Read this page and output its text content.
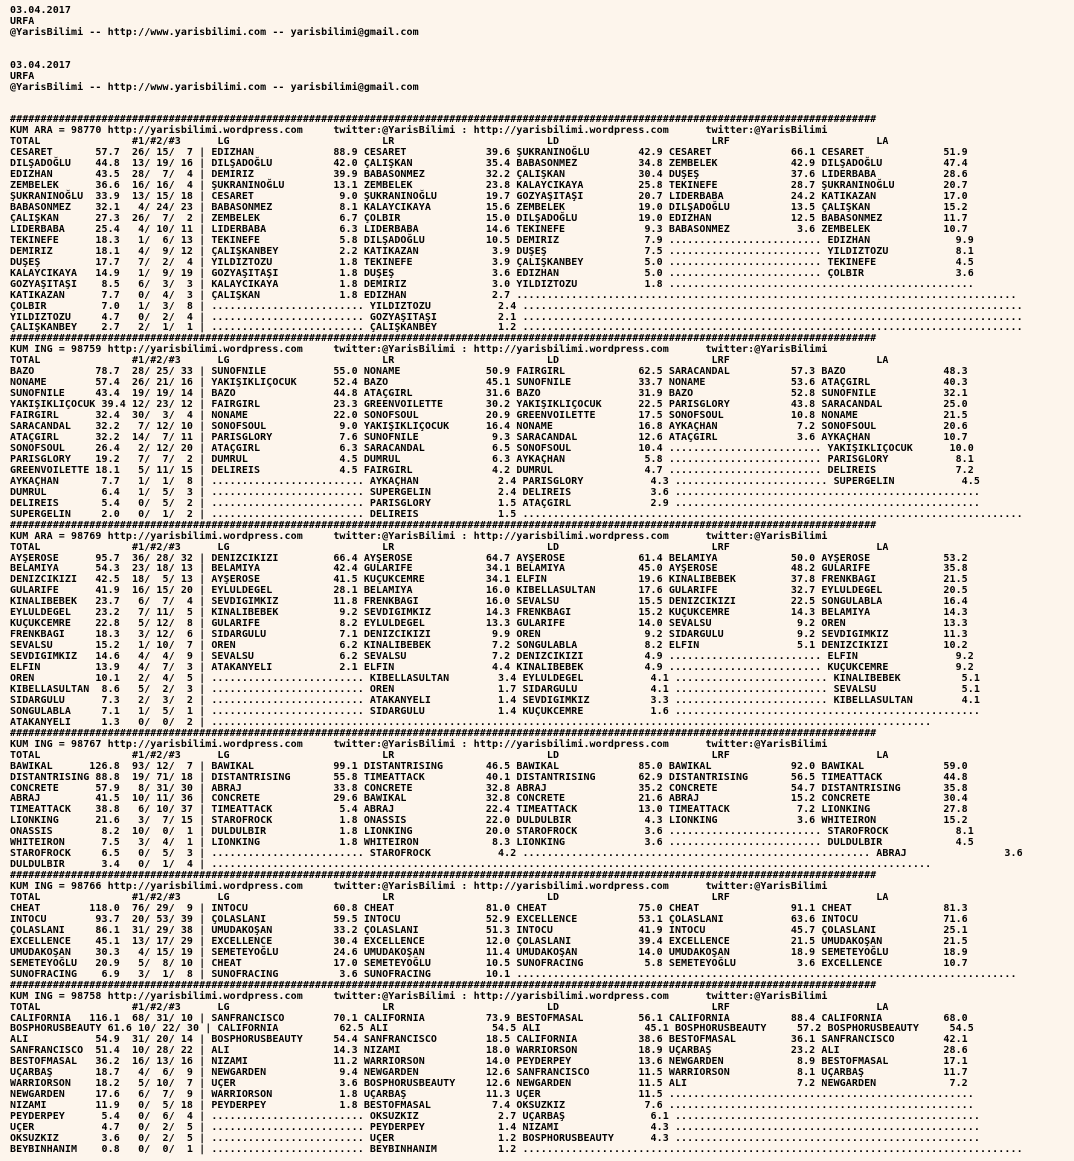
03.04.2017
URFA
@YarisBilimi -- http://www.yarisbilimi.com -- yarisbilimi@gmail.com
03.04.2017
URFA
@YarisBilimi -- http://www.yarisbilimi.com -- yarisbilimi@gmail.com
##############################################################################################################################################
KUM ARA = 98770 http://yarisbilimi.wordpress.com     twitter:@YarisBilimi : http://yarisbilimi.wordpress.com      twitter:@YarisBilimi
TOTAL               #1/#2/#3      LG                         LR                         LD                         LRF                        LA
CESARET       57.7  26/ 15/  7 | EDIZHAN             88.9 CESARET             39.6 ŞUKRANINOĞLU        42.9 CESARET             66.1 CESARET             51.9
DILŞADOĞLU    44.8  13/ 19/ 16 | DILŞADOĞLU          42.0 ÇALIŞKAN            35.4 BABASONMEZ          34.8 ZEMBELEK            42.9 DILŞADOĞLU          47.4
EDIZHAN       43.5  28/  7/  4 | DEMIRIZ             39.9 BABASONMEZ          32.2 ÇALIŞKAN            30.4 DUŞEŞ               37.6 LIDERBABA           28.6
ZEMBELEK      36.6  16/ 16/  4 | ŞUKRANINOĞLU        13.1 ZEMBELEK            23.8 KALAYCIKAYA         25.8 TEKINEFE            28.7 ŞUKRANINOĞLU        20.7
ŞUKRANINOĞLU  33.9  13/ 15/ 18 | CESARET              9.0 ŞUKRANINOĞLU        19.7 GOZYAŞITAŞI         20.7 LIDERBABA           24.2 KATIKAZAN           17.0
BABASONMEZ    32.1   4/ 24/ 23 | BABASONMEZ           8.1 KALAYCIKAYA         15.6 ZEMBELEK            19.0 DILŞADOĞLU          13.5 ÇALIŞKAN            15.2
ÇALIŞKAN      27.3  26/  7/  2 | ZEMBELEK             6.7 ÇOLBIR              15.0 DILŞADOĞLU          19.0 EDIZHAN             12.5 BABASONMEZ          11.7
LIDERBABA     25.4   4/ 10/ 11 | LIDERBABA            6.3 LIDERBABA           14.6 TEKINEFE             9.3 BABASONMEZ           3.6 ZEMBELEK            10.7
TEKINEFE      18.3   1/  6/ 13 | TEKINEFE             5.8 DILŞADOĞLU          10.5 DEMIRIZ              7.9 ......................... EDIZHAN              9.9
DEMIRIZ       18.1   4/  9/ 12 | ÇALIŞKANBEY          2.2 KATIKAZAN            3.9 DUŞEŞ                7.5 ......................... YILDIZTOZU           8.1
DUŞEŞ         17.7   7/  2/  4 | YILDIZTOZU           1.8 TEKINEFE             3.9 ÇALIŞKANBEY          5.0 ......................... TEKINEFE             4.5
KALAYCIKAYA   14.9   1/  9/ 19 | GOZYAŞITAŞI          1.8 DUŞEŞ                3.6 EDIZHAN              5.0 ......................... ÇOLBIR               3.6
GOZYAŞITAŞI    8.5   6/  3/  3 | KALAYCIKAYA          1.8 DEMIRIZ              3.0 YILDIZTOZU           1.8 ..................................................
KATIKAZAN      7.7   0/  4/  3 | ÇALIŞKAN             1.8 EDIZHAN              2.7 ..................................................................................
ÇOLBIR         7.0   1/  3/  8 | ......................... YILDIZTOZU           2.4 ..................................................................................
YILDIZTOZU     4.7   0/  2/  4 | ......................... GOZYAŞITAŞI          2.1 ..................................................................................
ÇALIŞKANBEY    2.7   2/  1/  1 | ......................... ÇALIŞKANBEY          1.2 ..................................................................................
##############################################################################################################################################
KUM ING = 98759 http://yarisbilimi.wordpress.com     twitter:@YarisBilimi : http://yarisbilimi.wordpress.com      twitter:@YarisBilimi
TOTAL               #1/#2/#3      LG                         LR                         LD                         LRF                        LA
BAZO          78.7  28/ 25/ 33 | SUNOFNILE           55.0 NONAME              50.9 FAIRGIRL            62.5 SARACANDAL          57.3 BAZO                48.3
NONAME        57.4  26/ 21/ 16 | YAKIŞIKLIÇOCUK      52.4 BAZO                45.1 SUNOFNILE           33.7 NONAME              53.6 ATAÇGIRL            40.3
SUNOFNILE     43.4  19/ 19/ 14 | BAZO                44.8 ATAÇGIRL            31.6 BAZO                31.9 BAZO                52.8 SUNOFNILE           32.1
YAKIŞIKLIÇOCUK 39.4 12/ 23/ 12 | FAIRGIRL            23.3 GREENVOILETTE       30.2 YAKIŞIKLIÇOCUK      22.5 PARISGLORY          43.8 SARACANDAL          25.0
FAIRGIRL      32.4  30/  3/  4 | NONAME              22.0 SONOFSOUL           20.9 GREENVOILETTE       17.5 SONOFSOUL           10.8 NONAME              21.5
SARACANDAL    32.2   7/ 12/ 10 | SONOFSOUL            9.0 YAKIŞIKLIÇOCUK      16.4 NONAME              16.8 AYKAÇHAN             7.2 SONOFSOUL           20.6
ATAÇGIRL      32.2  14/  7/ 11 | PARISGLORY           7.6 SUNOFNILE            9.3 SARACANDAL          12.6 ATAÇGIRL             3.6 AYKAÇHAN            10.7
SONOFSOUL     26.4   2/ 12/ 20 | ATAÇGIRL             6.3 SARACANDAL           6.5 SONOFSOUL           10.4 ......................... YAKIŞIKLIÇOCUK      10.0
PARISGLORY    19.2   7/  7/  2 | DUMRUL               4.5 DUMRUL               6.3 AYKAÇHAN             5.8 ......................... PARISGLORY           8.1
GREENVOILETTE 18.1   5/ 11/ 15 | DELIREIS             4.5 FAIRGIRL             4.2 DUMRUL               4.7 ......................... DELIREIS             7.2
AYKAÇHAN       7.7   1/  1/  8 | ......................... AYKAÇHAN             2.4 PARISGLORY           4.3 ......................... SUPERGELIN           4.5
DUMRUL         6.4   1/  5/  3 | ......................... SUPERGELIN           2.4 DELIREIS             3.6 ..................................................
DELIREIS       5.4   0/  5/  2 | ......................... PARISGLORY           1.5 ATAÇGIRL             2.9 ..................................................
SUPERGELIN     2.0   0/  1/  2 | ......................... DELIREIS             1.5 ..................................................................................
##############################################################################################################################################
KUM ARA = 98769 http://yarisbilimi.wordpress.com     twitter:@YarisBilimi : http://yarisbilimi.wordpress.com      twitter:@YarisBilimi
TOTAL               #1/#2/#3      LG                         LR                         LD                         LRF                        LA
AYŞEROSE      95.7  36/ 28/ 32 | DENIZCIKIZI         66.4 AYŞEROSE            64.7 AYŞEROSE            61.4 BELAMIYA            50.0 AYŞEROSE            53.2
BELAMIYA      54.3  23/ 18/ 13 | BELAMIYA            42.4 GULARIFE            34.1 BELAMIYA            45.0 AYŞEROSE            48.2 GULARIFE            35.8
DENIZCIKIZI   42.5  18/  5/ 13 | AYŞEROSE            41.5 KUÇUKCEMRE          34.1 ELFIN               19.6 KINALIBEBEK         37.8 FRENKBAGI           21.5
GULARIFE      41.9  16/ 15/ 20 | EYLULDEGEL          28.1 BELAMIYA            16.0 KIBELLASULTAN       17.6 GULARIFE            32.7 EYLULDEGEL          20.5
KINALIBEBEK   23.7   6/  7/  4 | SEVDIGIMKIZ         11.8 FRENKBAGI           16.0 SEVALSU             15.5 DENIZCIKIZI         22.5 SONGULABLA          16.4
EYLULDEGEL    23.2   7/ 11/  5 | KINALIBEBEK          9.2 SEVDIGIMKIZ         14.3 FRENKBAGI           15.2 KUÇUKCEMRE          14.3 BELAMIYA            14.3
KUÇUKCEMRE    22.8   5/ 12/  8 | GULARIFE             8.2 EYLULDEGEL          13.3 GULARIFE            14.0 SEVALSU              9.2 OREN                13.3
FRENKBAGI     18.3   3/ 12/  6 | SIDARGULU            7.1 DENIZCIKIZI          9.9 OREN                 9.2 SIDARGULU            9.2 SEVDIGIMKIZ         11.3
SEVALSU       15.2   1/ 10/  7 | OREN                 6.2 KINALIBEBEK          7.2 SONGULABLA           8.2 ELFIN                5.1 DENIZCIKIZI         10.2
SEVDIGIMKIZ   14.6   4/  4/  9 | SEVALSU              6.2 SEVALSU              7.2 DENIZCIKIZI          4.9 ......................... ELFIN                9.2
ELFIN         13.9   4/  7/  3 | ATAKANYELI           2.1 ELFIN                4.4 KINALIBEBEK          4.9 ......................... KUÇUKCEMRE           9.2
OREN          10.1   2/  4/  5 | ......................... KIBELLASULTAN        3.4 EYLULDEGEL           4.1 ......................... KINALIBEBEK          5.1
KIBELLASULTAN  8.6   5/  2/  3 | ......................... OREN                 1.7 SIDARGULU            4.1 ......................... SEVALSU              5.1
SIDARGULU      7.3   2/  3/  2 | ......................... ATAKANYELI           1.4 SEVDIGIMKIZ          3.3 ......................... KIBELLASULTAN        4.1
SONGULABLA     7.1   1/  5/  1 | ......................... SIDARGULU            1.4 KUÇUKCEMRE           1.6 ..................................................
ATAKANYELI     1.3   0/  0/  2 | ......................................................................................................................
##############################################################################################################################################
KUM ING = 98767 http://yarisbilimi.wordpress.com     twitter:@YarisBilimi : http://yarisbilimi.wordpress.com      twitter:@YarisBilimi
TOTAL               #1/#2/#3      LG                         LR                         LD                         LRF                        LA
BAWIKAL      126.8  93/ 12/  7 | BAWIKAL             99.1 DISTANTRISING       46.5 BAWIKAL             85.0 BAWIKAL             92.0 BAWIKAL             59.0
DISTANTRISING 88.8  19/ 71/ 18 | DISTANTRISING       55.8 TIMEATTACK          40.1 DISTANTRISING       62.9 DISTANTRISING       56.5 TIMEATTACK          44.8
CONCRETE      57.9   8/ 31/ 30 | ABRAJ               33.8 CONCRETE            32.8 ABRAJ               35.2 CONCRETE            54.7 DISTANTRISING       35.8
ABRAJ         41.5  10/ 11/ 36 | CONCRETE            29.6 BAWIKAL             32.8 CONCRETE            21.6 ABRAJ               15.2 CONCRETE            30.4
TIMEATTACK    38.8   6/ 10/ 37 | TIMEATTACK           5.4 ABRAJ               22.4 TIMEATTACK          13.0 TIMEATTACK           7.2 LIONKING            27.8
LIONKING      21.6   3/  7/ 15 | STAROFROCK           1.8 ONASSIS             22.0 DULDULBIR            4.3 LIONKING             3.6 WHITEIRON           15.2
ONASSIS        8.2  10/  0/  1 | DULDULBIR            1.8 LIONKING            20.0 STAROFROCK           3.6 ......................... STAROFROCK           8.1
WHITEIRON      7.5   3/  4/  1 | LIONKING             1.8 WHITEIRON            8.3 LIONKING             3.6 ......................... DULDULBIR            4.5
STAROFROCK     6.5   0/  5/  3 | ......................... STAROFROCK           4.2 ......................................................... ABRAJ                3.6
DULDULBIR      3.4   0/  1/  4 | ......................................................................................................................
##############################################################################################################################################
KUM ING = 98766 http://yarisbilimi.wordpress.com     twitter:@YarisBilimi : http://yarisbilimi.wordpress.com      twitter:@YarisBilimi
TOTAL               #1/#2/#3      LG                         LR                         LD                         LRF                        LA
CHEAT        118.0  76/ 29/  9 | INTOCU              60.8 CHEAT               81.0 CHEAT               75.0 CHEAT               91.1 CHEAT               81.3
INTOCU        93.7  20/ 53/ 39 | ÇOLASLANI           59.5 INTOCU              52.9 EXCELLENCE          53.1 ÇOLASLANI           63.6 INTOCU              71.6
ÇOLASLANI     86.1  31/ 29/ 38 | UMUDAKOŞAN          33.2 ÇOLASLANI           51.3 INTOCU              41.9 INTOCU              45.7 ÇOLASLANI           25.1
EXCELLENCE    45.1  13/ 17/ 29 | EXCELLENCE          30.4 EXCELLENCE          12.0 ÇOLASLANI           39.4 EXCELLENCE          21.5 UMUDAKOŞAN          21.5
UMUDAKOŞAN    30.3   4/ 15/ 19 | SEMETEYOĞLU         24.6 UMUDAKOŞAN          11.4 UMUDAKOŞAN          14.0 UMUDAKOŞAN          18.9 SEMETEYOĞLU         18.9
SEMETEYOĞLU   20.9   5/  8/ 10 | CHEAT               17.0 SEMETEYOĞLU         10.5 SUNOFRACING          5.8 SEMETEYOĞLU          3.6 EXCELLENCE          10.7
SUNOFRACING    6.9   3/  1/  8 | SUNOFRACING          3.6 SUNOFRACING         10.1 ..................................................................................
##############################################################################################################################################
KUM ING = 98758 http://yarisbilimi.wordpress.com     twitter:@YarisBilimi : http://yarisbilimi.wordpress.com      twitter:@YarisBilimi
TOTAL               #1/#2/#3      LG                         LR                         LD                         LRF                        LA
CALIFORNIA   116.1  68/ 31/ 10 | SANFRANCISCO        70.1 CALIFORNIA          73.9 BESTOFMASAL         56.1 CALIFORNIA          88.4 CALIFORNIA          68.0
BOSPHORUSBEAUTY 61.6 10/ 22/ 30 | CALIFORNIA          62.5 ALI                 54.5 ALI                 45.1 BOSPHORUSBEAUTY     57.2 BOSPHORUSBEAUTY     54.5
ALI           54.9  31/ 20/ 14 | BOSPHORUSBEAUTY     54.4 SANFRANCISCO        18.5 CALIFORNIA          38.6 BESTOFMASAL         36.1 SANFRANCISCO        42.1
SANFRANCISCO  51.4  10/ 28/ 22 | ALI                 14.3 NIZAMI              18.0 WARRIORSON          18.9 UÇARBAŞ             23.2 ALI                 28.6
BESTOFMASAL   36.2  16/ 13/ 16 | NIZAMI              11.2 WARRIORSON          14.0 PEYDERPEY           13.6 NEWGARDEN            8.9 BESTOFMASAL         17.1
UÇARBAŞ       18.7   4/  6/  9 | NEWGARDEN            9.4 NEWGARDEN           12.6 SANFRANCISCO        11.5 WARRIORSON           8.1 UÇARBAŞ             11.7
WARRIORSON    18.2   5/ 10/  7 | UÇER                 3.6 BOSPHORUSBEAUTY     12.6 NEWGARDEN           11.5 ALI                  7.2 NEWGARDEN            7.2
NEWGARDEN     17.6   6/  7/  9 | WARRIORSON           1.8 UÇARBAŞ             11.3 UÇER                11.5 ..................................................
NIZAMI        11.9   0/  5/ 18 | PEYDERPEY            1.8 BESTOFMASAL          7.4 OKSUZKIZ             7.6 ..................................................
PEYDERPEY      5.4   0/  6/  4 | ......................... OKSUZKIZ             2.7 UÇARBAŞ              6.1 ..................................................
UÇER           4.7   0/  2/  5 | ......................... PEYDERPEY            1.4 NIZAMI               4.3 ..................................................
OKSUZKIZ       3.6   0/  2/  5 | ......................... UÇER                 1.2 BOSPHORUSBEAUTY      4.3 ..................................................
BEYBINHANIM    0.8   0/  0/  1 | ......................... BEYBINHANIM          1.2 ..................................................................................
